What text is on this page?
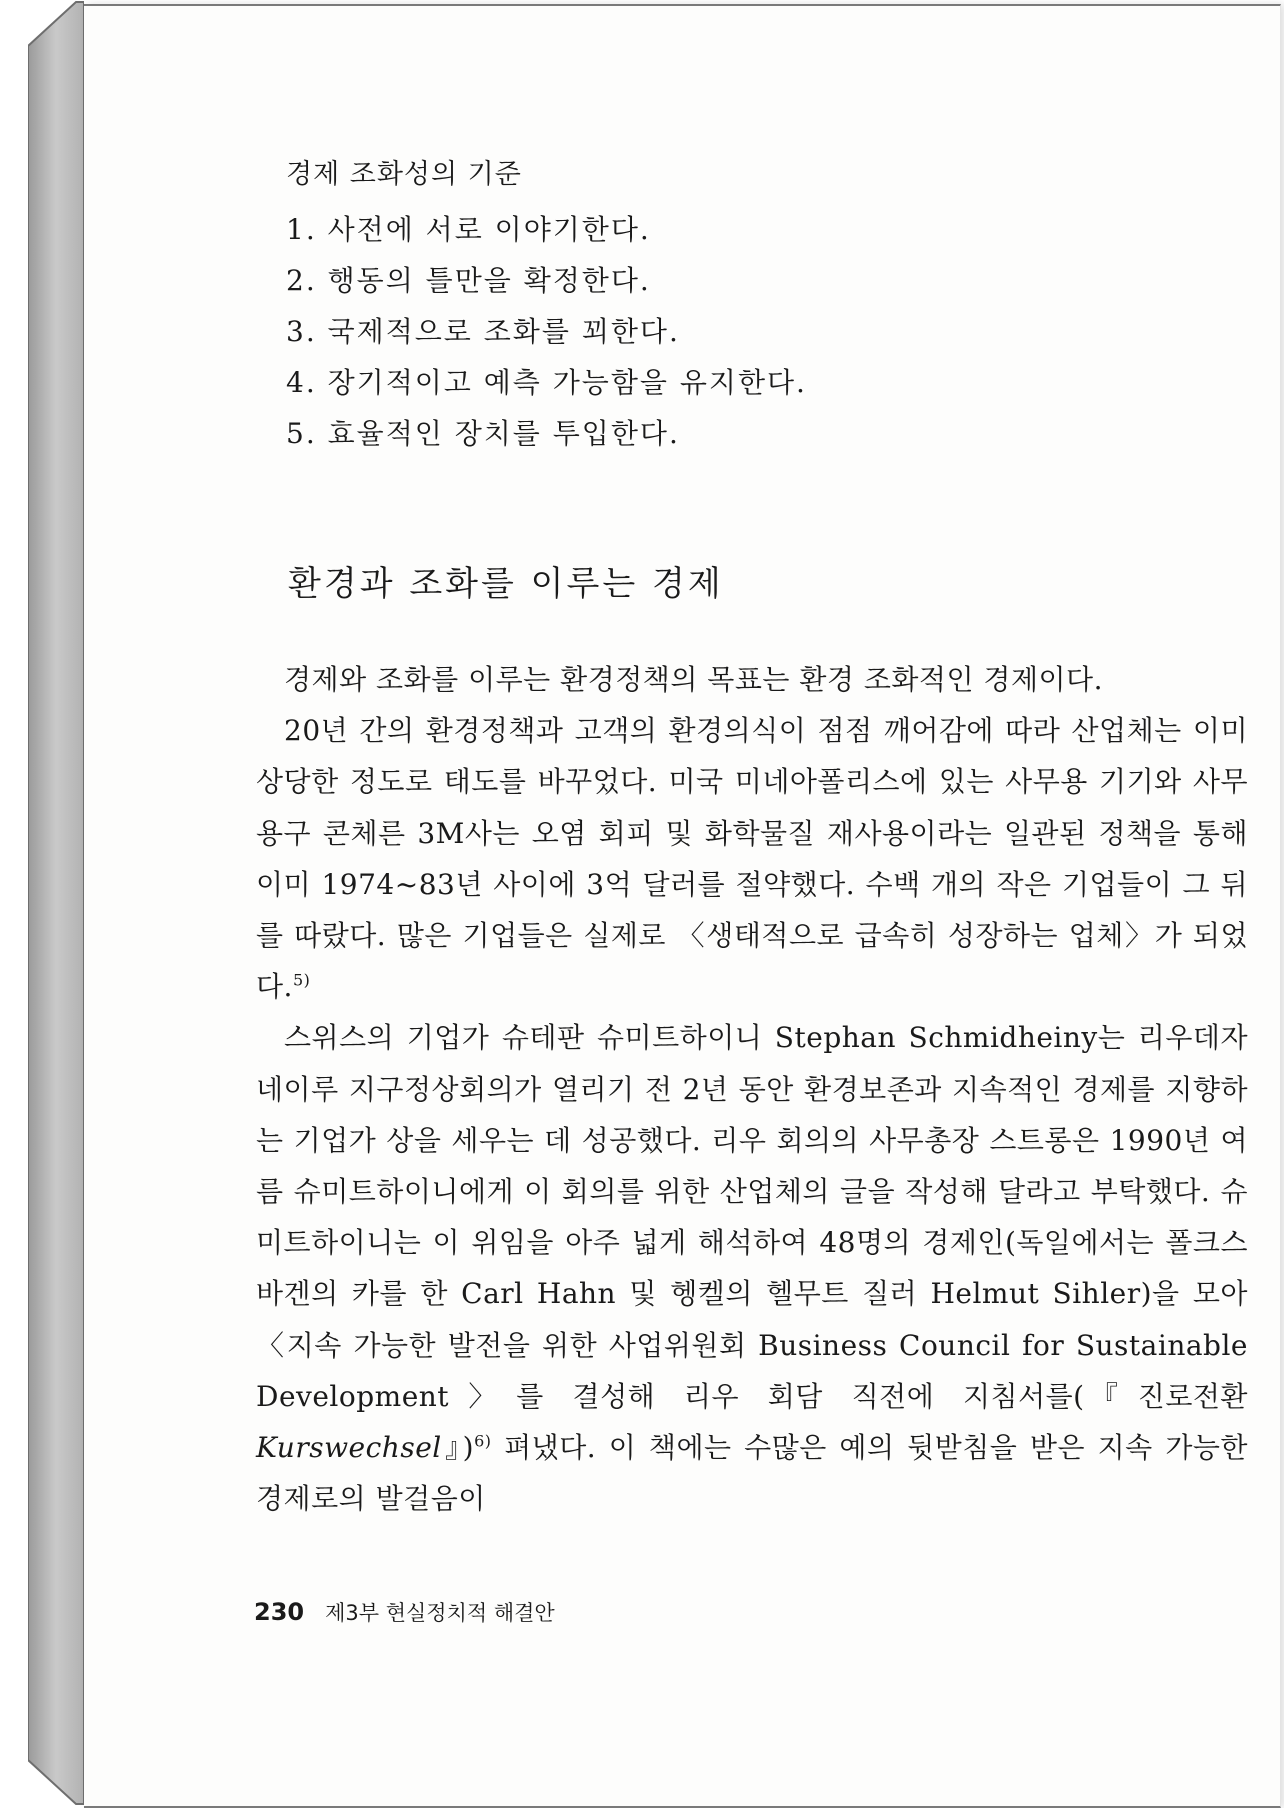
경제 조화성의 기준

1. 사전에 서로 이야기한다.
2. 행동의 틀만을 확정한다.
3. 국제적으로 조화를 꾀한다.
4. 장기적이고 예측 가능함을 유지한다.
5. 효율적인 장치를 투입한다.
환경과 조화를 이루는 경제

경제와 조화를 이루는 환경정책의 목표는 환경 조화적인 경제이다.

20년 간의 환경정책과 고객의 환경의식이 점점 깨어감에 따라 산업체는 이미 상당한 정도로 태도를 바꾸었다. 미국 미네아폴리스에 있는 사무용 기기와 사무용구 콘체른 3M사는 오염 회피 및 화학물질 재사용이라는 일관된 정책을 통해 이미 1974~83년 사이에 3억 달러를 절약했다. 수백 개의 작은 기업들이 그 뒤를 따랐다. 많은 기업들은 실제로 〈생태적으로 급속히 성장하는 업체〉가 되었다.$^{5)}$

스위스의 기업가 슈테판 슈미트하이니 Stephan Schmidheiny는 리우데자네이루 지구정상회의가 열리기 전 2년 동안 환경보존과 지속적인 경제를 지향하는 기업가 상을 세우는 데 성공했다. 리우 회의의 사무총장 스트롱은 1990년 여름 슈미트하이니에게 이 회의를 위한 산업체의 글을 작성해 달라고 부탁했다. 슈미트하이니는 이 위임을 아주 넓게 해석하여 48명의 경제인(독일에서는 폴크스바겐의 카를 한 Carl Hahn 및 헹켈의 헬무트 질러 Helmut Sihler)을 모아 〈지속 가능한 발전을 위한 사업위원회 Business Council for Sustainable Development〉를 결성해 리우 회담 직전에 지침서를(『진로전환 Kurswechsel』)$^{6)}$ 펴냈다. 이 책에는 수많은 예의 뒷받침을 받은 지속 가능한 경제로의 발걸음이

230 제3부 현실정치적 해결안
